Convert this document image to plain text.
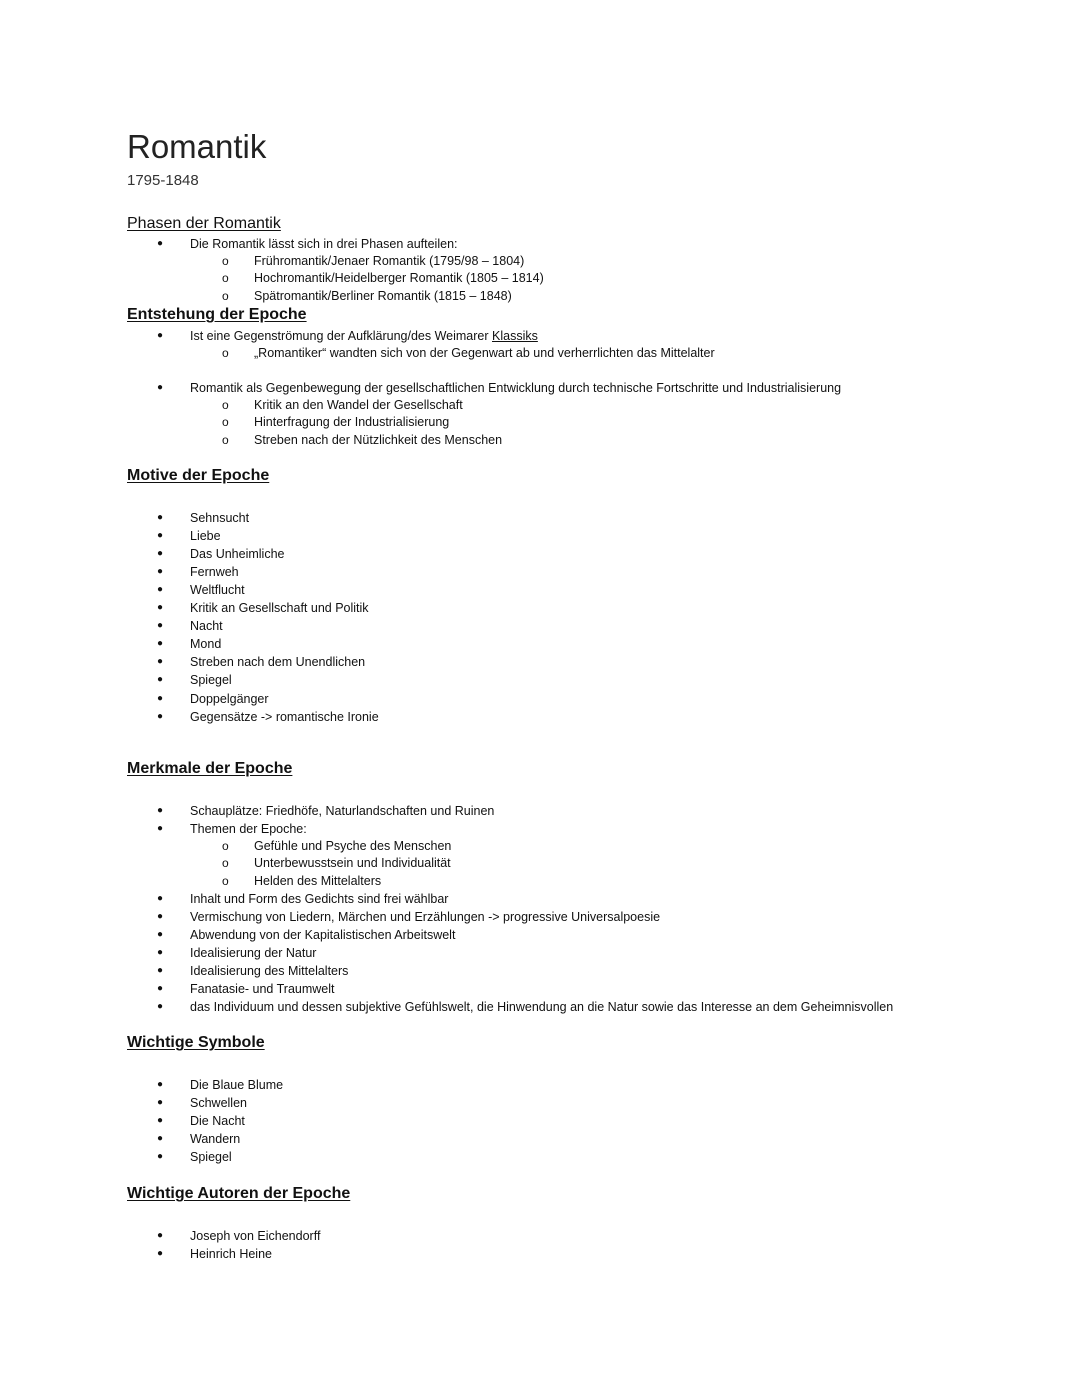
Romantik
1795-1848
Phasen der Romantik
● Die Romantik lässt sich in drei Phasen aufteilen:
o Frühromantik/Jenaer Romantik (1795/98 – 1804)
o Hochromantik/Heidelberger Romantik (1805 – 1814)
o Spätromantik/Berliner Romantik (1815 – 1848)
Entstehung der Epoche
● Ist eine Gegenströmung der Aufklärung/des Weimarer Klassiks
o „Romantiker“ wandten sich von der Gegenwart ab und verherrlichten das Mittelalter
● Romantik als Gegenbewegung der gesellschaftlichen Entwicklung durch technische Fortschritte und Industrialisierung
o Kritik an den Wandel der Gesellschaft
o Hinterfragung der Industrialisierung
o Streben nach der Nützlichkeit des Menschen
Motive der Epoche
● Sehnsucht
● Liebe
● Das Unheimliche
● Fernweh
● Weltflucht
● Kritik an Gesellschaft und Politik
● Nacht
● Mond
● Streben nach dem Unendlichen
● Spiegel
● Doppelgänger
● Gegensätze -> romantische Ironie
Merkmale der Epoche
● Schauplätze: Friedhöfe, Naturlandschaften und Ruinen
● Themen der Epoche:
o Gefühle und Psyche des Menschen
o Unterbewusstsein und Individualität
o Helden des Mittelalters
● Inhalt und Form des Gedichts sind frei wählbar
● Vermischung von Liedern, Märchen und Erzählungen -> progressive Universalpoesie
● Abwendung von der Kapitalistischen Arbeitswelt
● Idealisierung der Natur
● Idealisierung des Mittelalters
● Fanatasie- und Traumwelt
● das Individuum und dessen subjektive Gefühlswelt, die Hinwendung an die Natur sowie das Interesse an dem Geheimnisvollen
Wichtige Symbole
● Die Blaue Blume
● Schwellen
● Die Nacht
● Wandern
● Spiegel
Wichtige Autoren der Epoche
● Joseph von Eichendorff
● Heinrich Heine
